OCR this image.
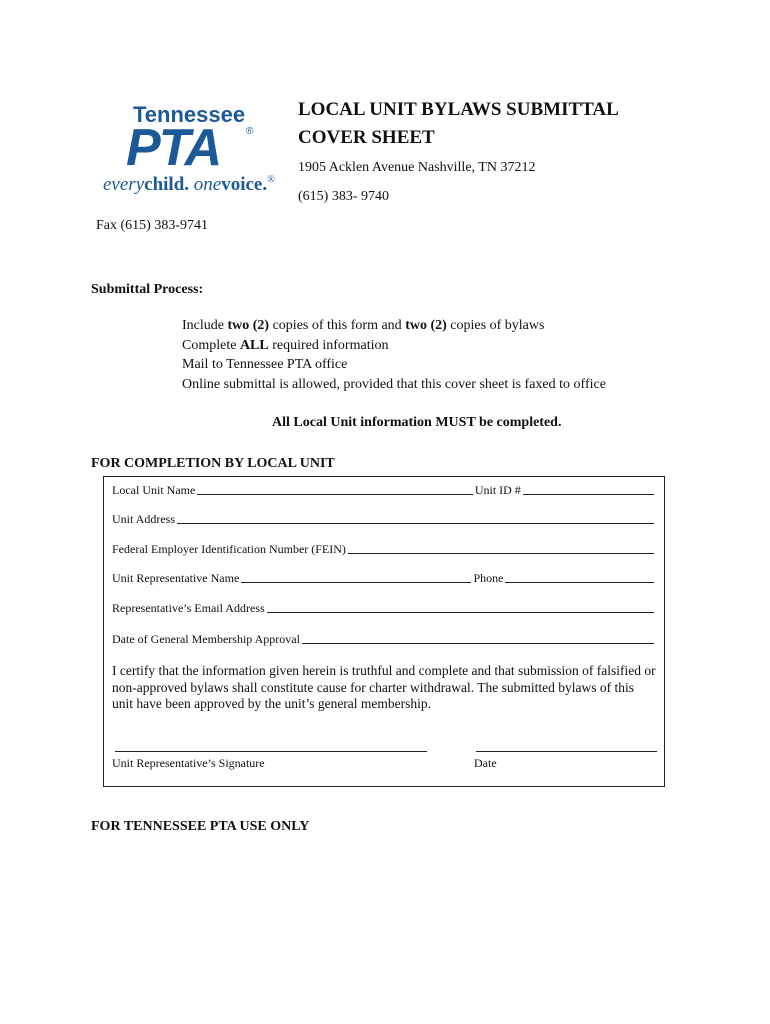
Tennessee
PTA	®
everychild. onevoice.®
LOCAL UNIT BYLAWS SUBMITTAL
COVER SHEET
1905 Acklen Avenue Nashville, TN 37212
(615) 383- 9740
Fax (615) 383-9741
Submittal Process:
Include two (2) copies of this form and two (2) copies of bylaws
Complete ALL required information
Mail to Tennessee PTA office
Online submittal is allowed, provided that this cover sheet is faxed to office
All Local Unit information MUST be completed.
FOR COMPLETION BY LOCAL UNIT
Local Unit Name	Unit ID #
Unit Address
Federal Employer Identification Number (FEIN)
Unit Representative Name	Phone
Representative’s Email Address
Date of General Membership Approval
I certify that the information given herein is truthful and complete and that submission of falsified or non-approved bylaws shall constitute cause for charter withdrawal. The submitted bylaws of this unit have been approved by the unit’s general membership.
Unit Representative’s Signature	Date
FOR TENNESSEE PTA USE ONLY
